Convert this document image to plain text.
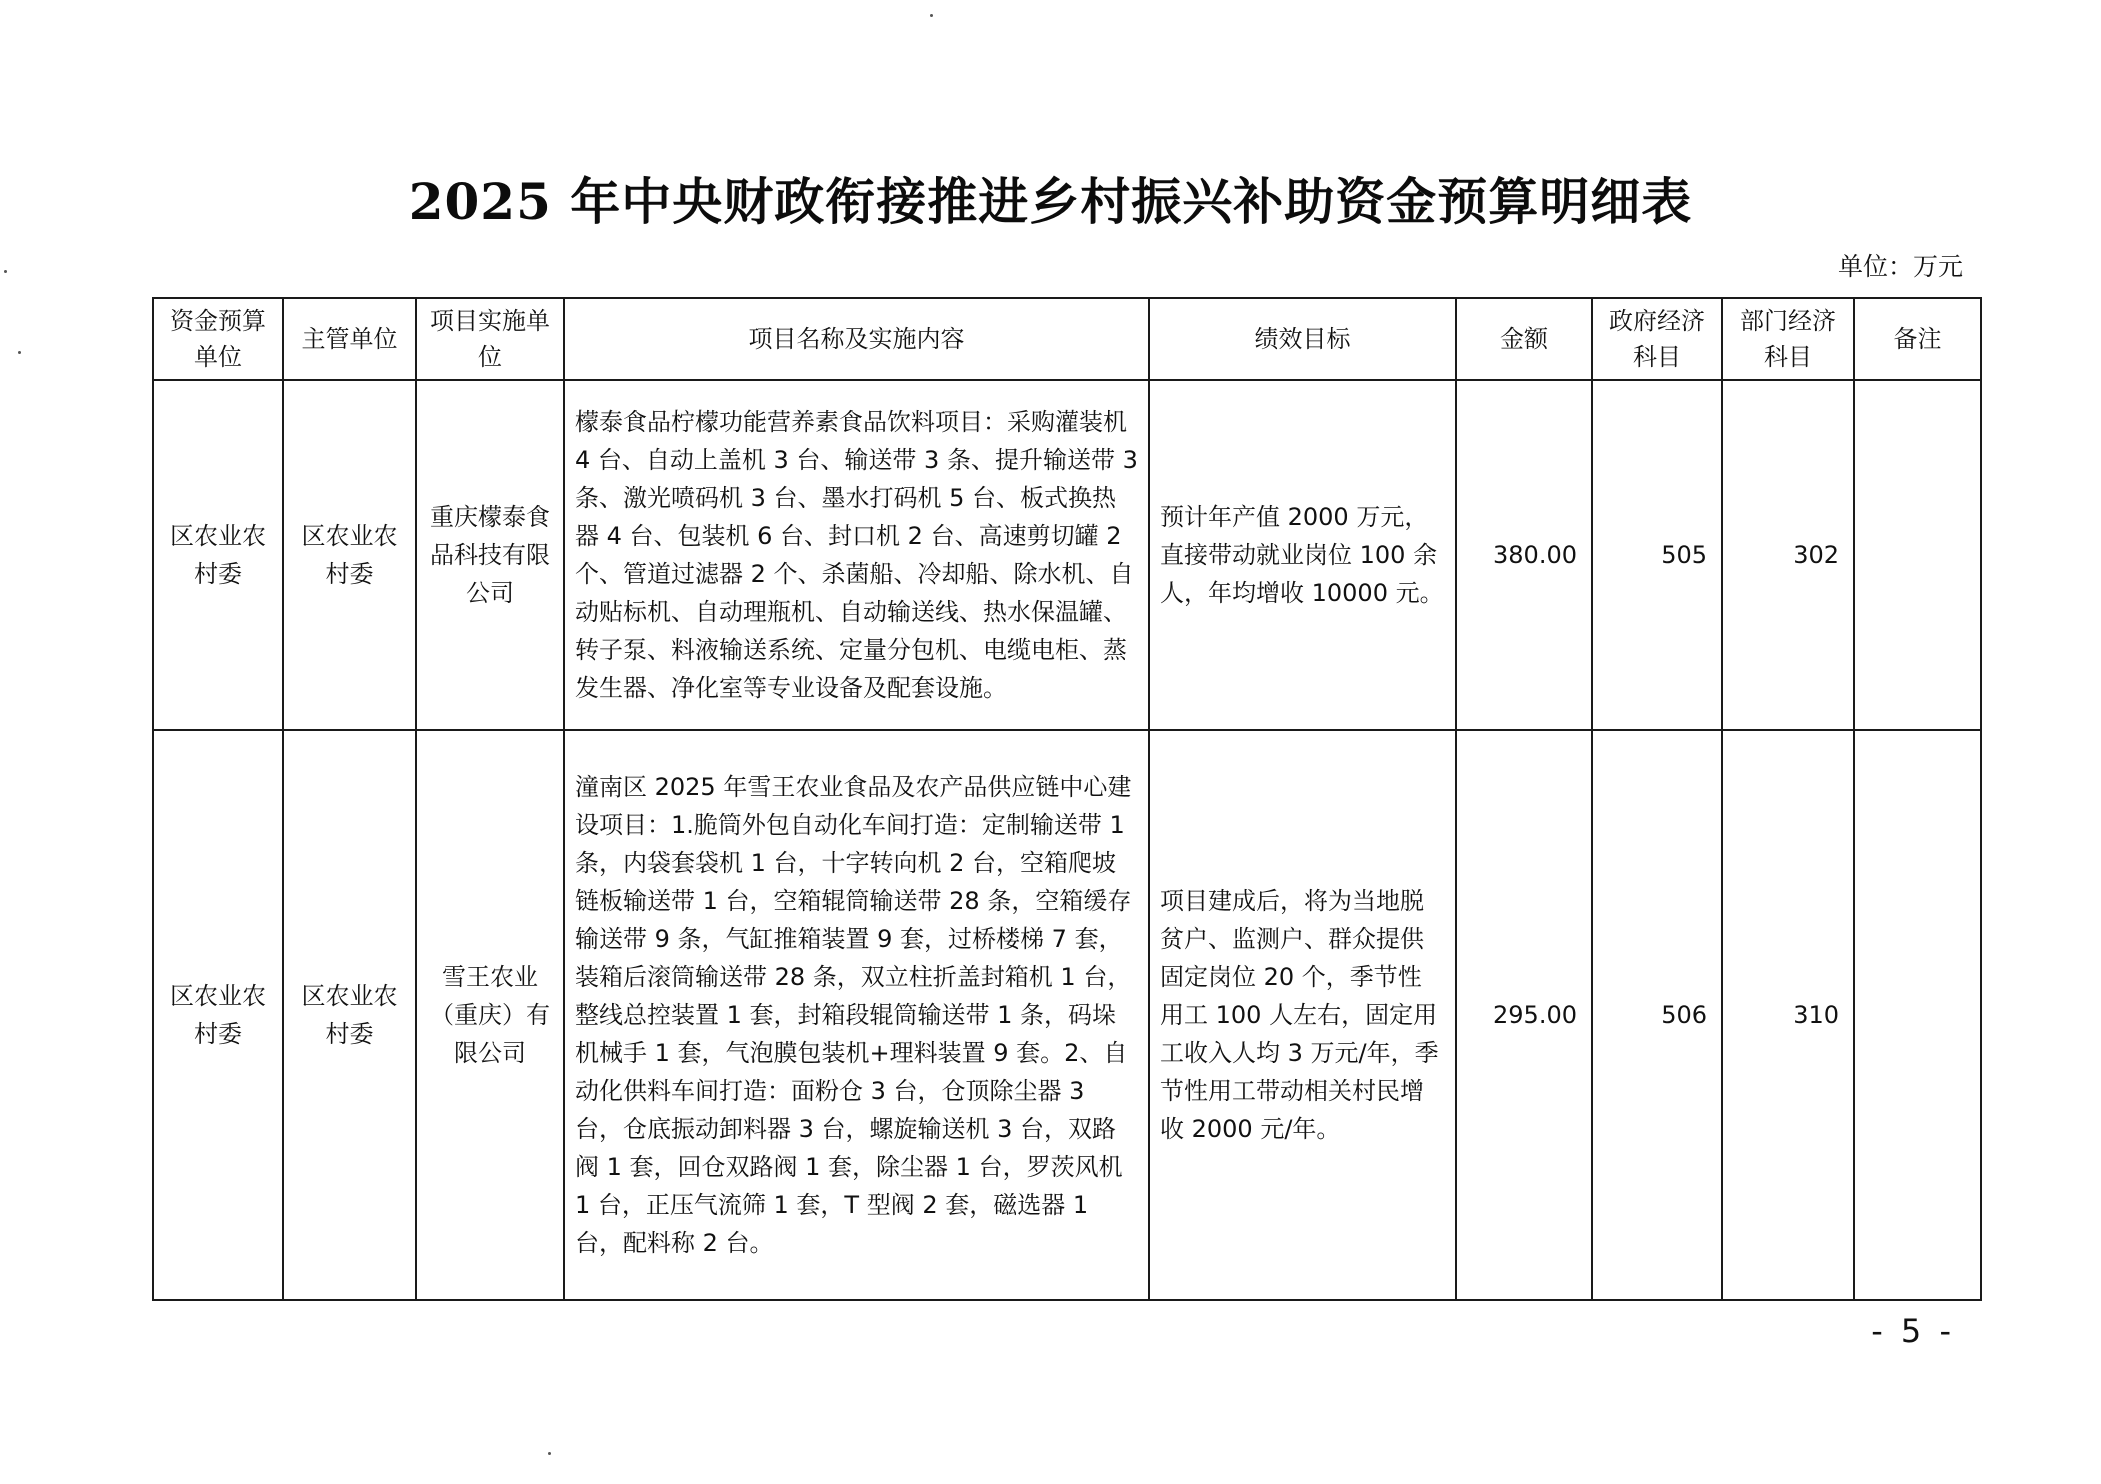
2025 年中央财政衔接推进乡村振兴补助资金预算明细表
单位：万元
资金预算单位	主管单位	项目实施单位	项目名称及实施内容	绩效目标	金额	政府经济科目	部门经济科目	备注
区农业农村委	区农业农村委	重庆檬泰食品科技有限公司	檬泰食品柠檬功能营养素食品饮料项目：采购灌装机 4 台、自动上盖机 3 台、输送带 3 条、提升输送带 3 条、激光喷码机 3 台、墨水打码机 5 台、板式换热器 4 台、包装机 6 台、封口机 2 台、高速剪切罐 2 个、管道过滤器 2 个、杀菌船、冷却船、除水机、自动贴标机、自动理瓶机、自动输送线、热水保温罐、转子泵、料液输送系统、定量分包机、电缆电柜、蒸发生器、净化室等专业设备及配套设施。	预计年产值 2000 万元，直接带动就业岗位 100 余人，年均增收 10000 元。	380.00	505	302	
区农业农村委	区农业农村委	雪王农业（重庆）有限公司	潼南区 2025 年雪王农业食品及农产品供应链中心建设项目：1.脆筒外包自动化车间打造：定制输送带 1 条，内袋套袋机 1 台，十字转向机 2 台，空箱爬坡链板输送带 1 台，空箱辊筒输送带 28 条，空箱缓存输送带 9 条，气缸推箱装置 9 套，过桥楼梯 7 套，装箱后滚筒输送带 28 条，双立柱折盖封箱机 1 台，整线总控装置 1 套，封箱段辊筒输送带 1 条，码垛机械手 1 套，气泡膜包装机+理料装置 9 套。2、自动化供料车间打造：面粉仓 3 台，仓顶除尘器 3 台，仓底振动卸料器 3 台，螺旋输送机 3 台，双路阀 1 套，回仓双路阀 1 套，除尘器 1 台，罗茨风机 1 台，正压气流筛 1 套，T 型阀 2 套，磁选器 1 台，配料称 2 台。	项目建成后，将为当地脱贫户、监测户、群众提供固定岗位 20 个，季节性用工 100 人左右，固定用工收入人均 3 万元/年，季节性用工带动相关村民增收 2000 元/年。	295.00	506	310	
- 5 -
